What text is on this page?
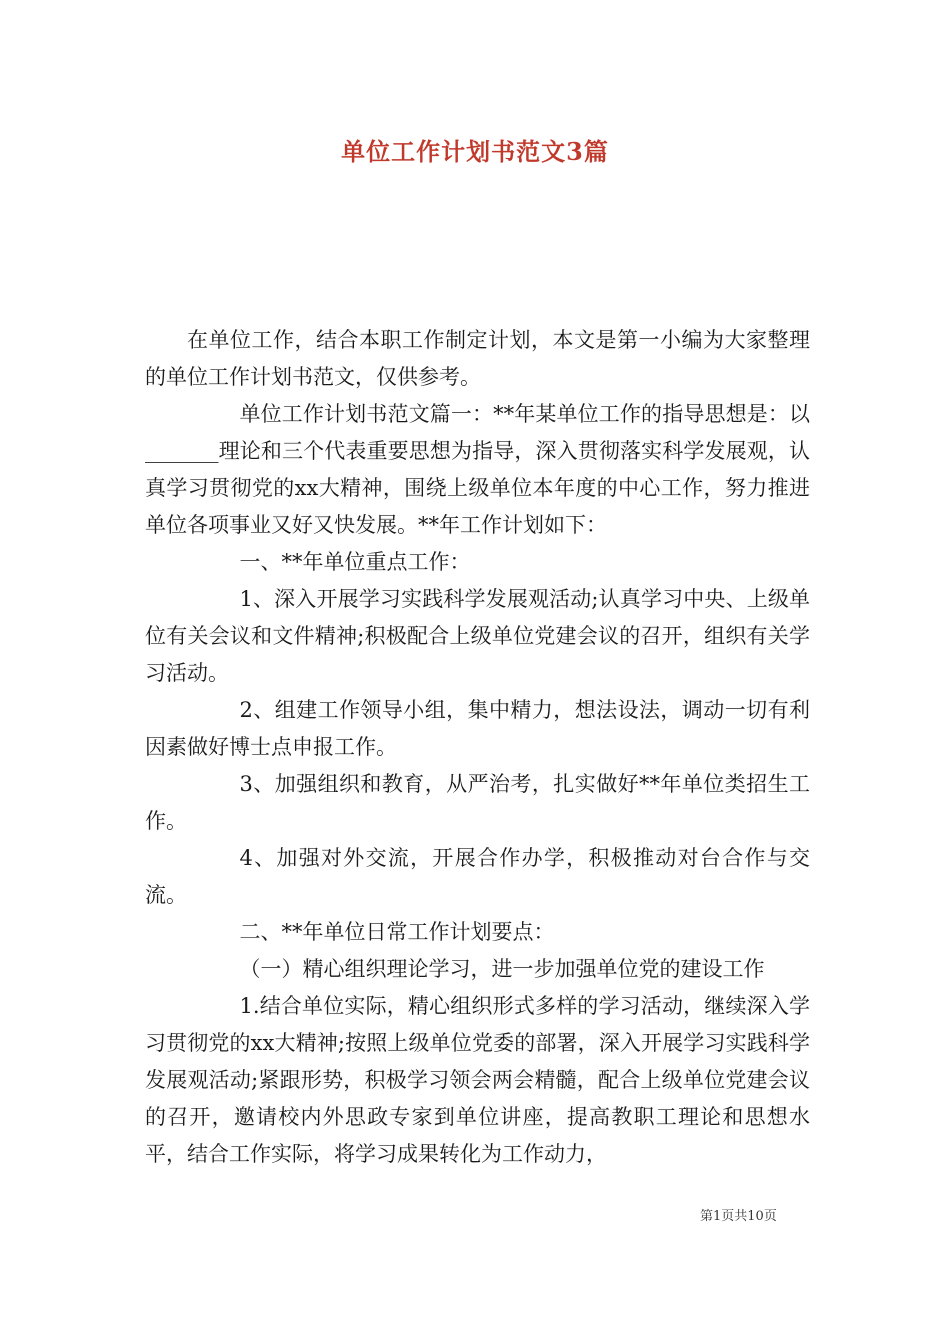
单位工作计划书范文3篇

在单位工作，结合本职工作制定计划，本文是第一小编为大家整理的单位工作计划书范文，仅供参考。

单位工作计划书范文篇一：**年某单位工作的指导思想是：以_______理论和三个代表重要思想为指导，深入贯彻落实科学发展观，认真学习贯彻党的xx大精神，围绕上级单位本年度的中心工作，努力推进单位各项事业又好又快发展。**年工作计划如下：

一、**年单位重点工作：

1、深入开展学习实践科学发展观活动;认真学习中央、上级单位有关会议和文件精神;积极配合上级单位党建会议的召开，组织有关学习活动。

2、组建工作领导小组，集中精力，想法设法，调动一切有利因素做好博士点申报工作。

3、加强组织和教育，从严治考，扎实做好**年单位类招生工作。

4、加强对外交流，开展合作办学，积极推动对台合作与交流。

二、**年单位日常工作计划要点：

（一）精心组织理论学习，进一步加强单位党的建设工作

1.结合单位实际，精心组织形式多样的学习活动，继续深入学习贯彻党的xx大精神;按照上级单位党委的部署，深入开展学习实践科学发展观活动;紧跟形势，积极学习领会两会精髓，配合上级单位党建会议的召开，邀请校内外思政专家到单位讲座，提高教职工理论和思想水平，结合工作实际，将学习成果转化为工作动力，

第1页共10页
